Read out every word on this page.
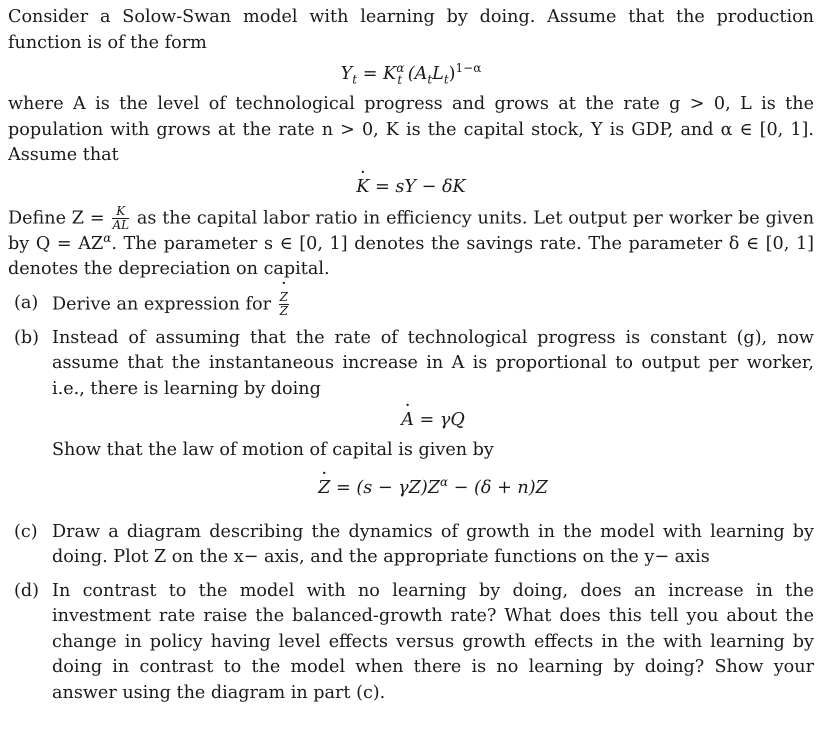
Consider a Solow-Swan model with learning by doing. Assume that the production function is of the form

$Y_t = K^\alpha_t$ $(A_tL_t)^{1-\alpha}$

where A is the level of technological progress and grows at the rate g > 0, L is the population with grows at the rate n > 0, K is the capital stock, Y is GDP, and α ∈ [0, 1]. Assume that

· K = sY − δK

Define $Z = \frac{K}{AL}$ as the capital labor ratio in efficiency units. Let output per worker be given by $Q = AZ^\alpha$. The parameter s ∈ [0, 1] denotes the savings rate. The parameter δ ∈ [0, 1] denotes the depreciation on capital.

(a) Derive an expression for
· $\frac{Z}{Z}$
(b) Instead of assuming that the rate of technological progress is constant (g), now assume that the instantaneous increase in A is proportional to output per worker, i.e., there is learning by doing
· A = γQ
Show that the law of motion of capital is given by
· $Z = (s - \gamma Z)Z^\alpha - (\delta + n)Z$
(c) Draw a diagram describing the dynamics of growth in the model with learning by doing. Plot Z on the x− axis, and the appropriate functions on the y− axis
(d) In contrast to the model with no learning by doing, does an increase in the investment rate raise the balanced-growth rate? What does this tell you about the change in policy having level effects versus growth effects in the with learning by doing in contrast to the model when there is no learning by doing? Show your answer using the diagram in part (c).
